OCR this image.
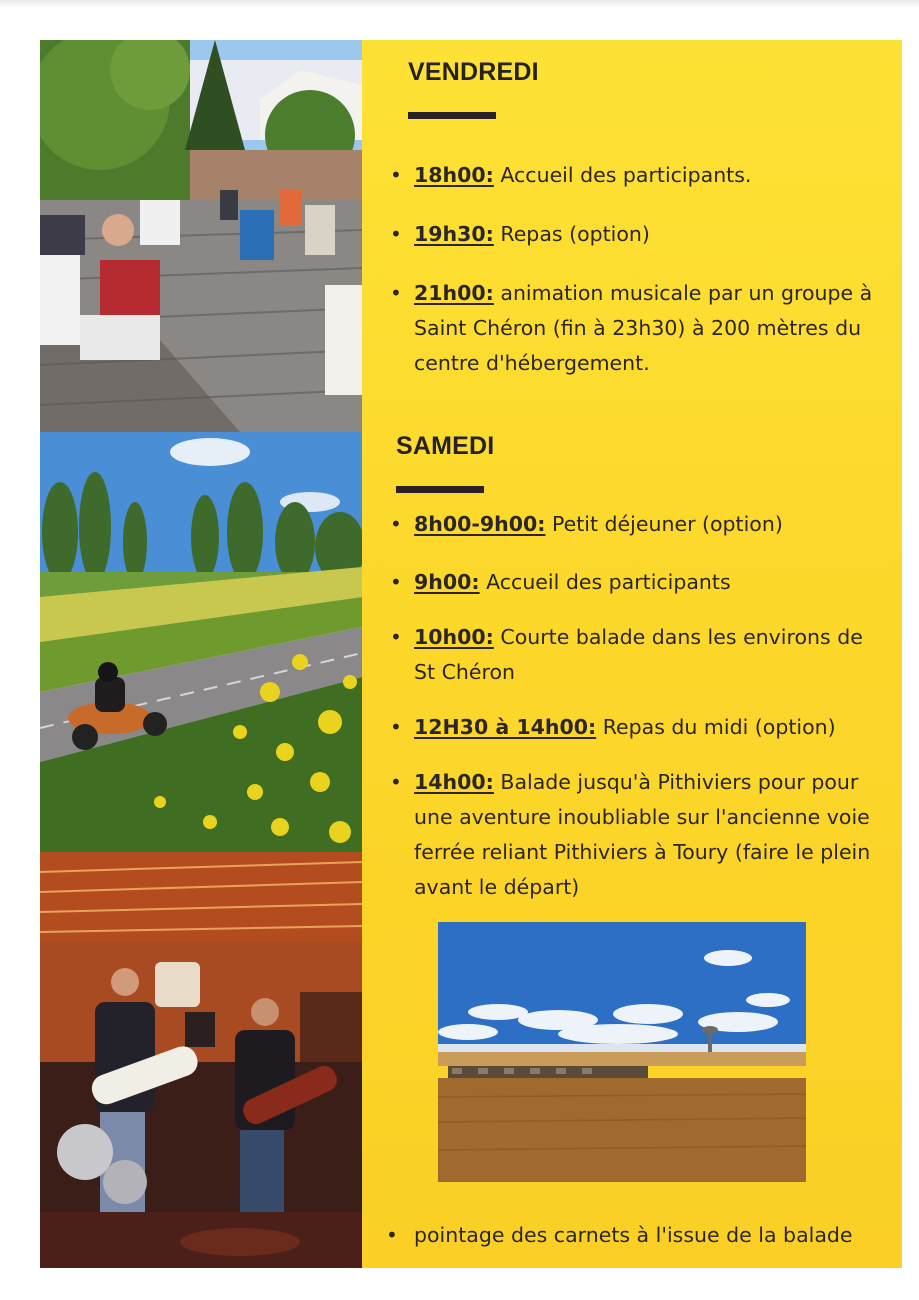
VENDREDI
• 18h00: Accueil des participants.
• 19h30: Repas (option)
• 21h00: animation musicale par un groupe à Saint Chéron (fin à 23h30) à 200 mètres du centre d'hébergement.
SAMEDI
• 8h00-9h00: Petit déjeuner (option)
• 9h00: Accueil des participants
• 10h00: Courte balade dans les environs de St Chéron
• 12H30 à 14h00: Repas du midi (option)
• 14h00: Balade jusqu'à Pithiviers pour pour une aventure inoubliable sur l'ancienne voie ferrée reliant Pithiviers à Toury (faire le plein avant le départ)
• pointage des carnets à l'issue de la balade
